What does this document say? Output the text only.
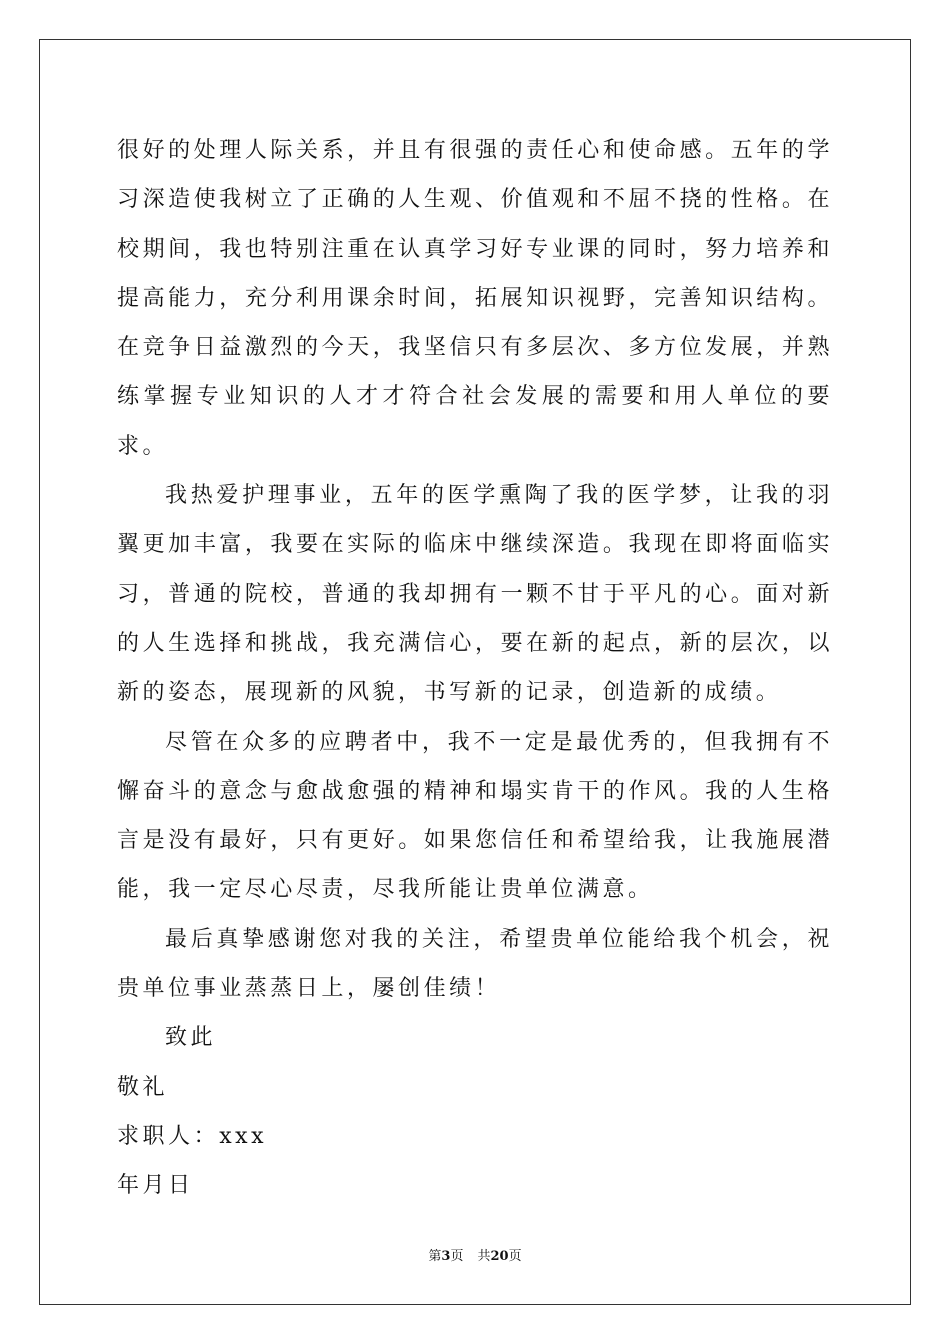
很好的处理人际关系，并且有很强的责任心和使命感。五年的学习深造使我树立了正确的人生观、价值观和不屈不挠的性格。在校期间，我也特别注重在认真学习好专业课的同时，努力培养和提高能力，充分利用课余时间，拓展知识视野，完善知识结构。在竞争日益激烈的今天，我坚信只有多层次、多方位发展，并熟练掌握专业知识的人才才符合社会发展的需要和用人单位的要求。

我热爱护理事业，五年的医学熏陶了我的医学梦，让我的羽翼更加丰富，我要在实际的临床中继续深造。我现在即将面临实习，普通的院校，普通的我却拥有一颗不甘于平凡的心。面对新的人生选择和挑战，我充满信心，要在新的起点，新的层次，以新的姿态，展现新的风貌，书写新的记录，创造新的成绩。

尽管在众多的应聘者中，我不一定是最优秀的，但我拥有不懈奋斗的意念与愈战愈强的精神和塌实肯干的作风。我的人生格言是没有最好，只有更好。如果您信任和希望给我，让我施展潜能，我一定尽心尽责，尽我所能让贵单位满意。

最后真挚感谢您对我的关注，希望贵单位能给我个机会，祝贵单位事业蒸蒸日上，屡创佳绩！

致此

敬礼

求职人：xxx

年月日

第3页 共20页
